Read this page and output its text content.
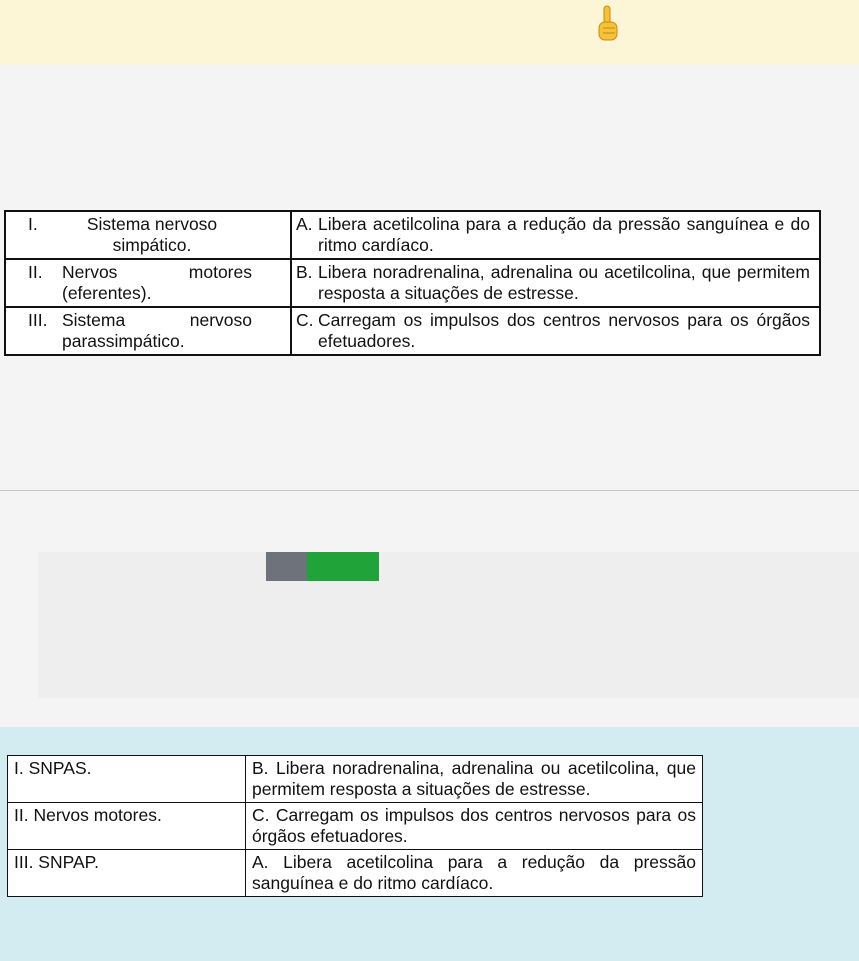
I. Sistema nervoso simpático.	A. Libera acetilcolina para a redução da pressão sanguínea e do ritmo cardíaco.
II. Nervos motores (eferentes).	B. Libera noradrenalina, adrenalina ou acetilcolina, que permitem resposta a situações de estresse.
III. Sistema nervoso parassimpático.	C. Carregam os impulsos dos centros nervosos para os órgãos efetuadores.
I. SNPAS.	B. Libera noradrenalina, adrenalina ou acetilcolina, que permitem resposta a situações de estresse.
II. Nervos motores.	C. Carregam os impulsos dos centros nervosos para os órgãos efetuadores.
III. SNPAP.	A. Libera acetilcolina para a redução da pressão sanguínea e do ritmo cardíaco.
